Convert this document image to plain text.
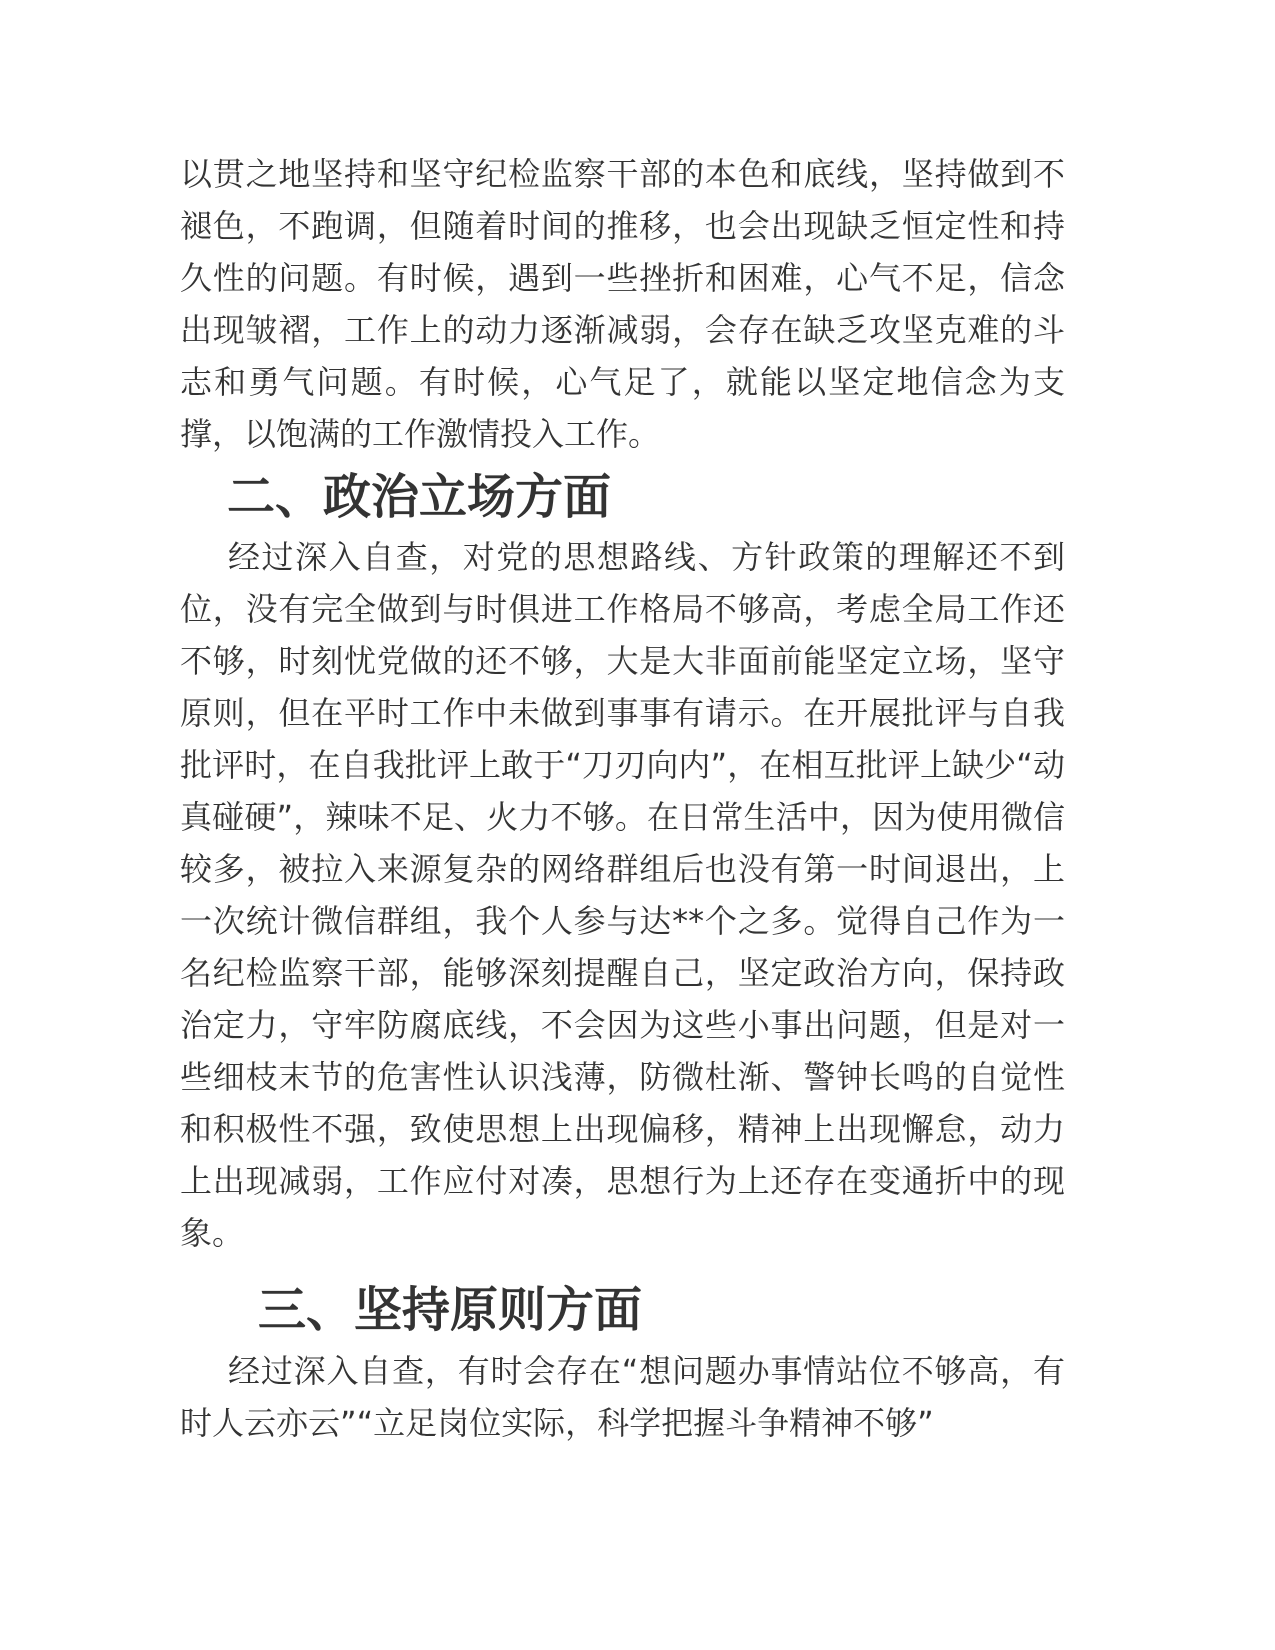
以贯之地坚持和坚守纪检监察干部的本色和底线，坚持做到不褪色，不跑调，但随着时间的推移，也会出现缺乏恒定性和持久性的问题。有时候，遇到一些挫折和困难，心气不足，信念出现皱褶，工作上的动力逐渐减弱，会存在缺乏攻坚克难的斗志和勇气问题。有时候，心气足了，就能以坚定地信念为支撑，以饱满的工作激情投入工作。

二、政治立场方面

经过深入自查，对党的思想路线、方针政策的理解还不到位，没有完全做到与时俱进工作格局不够高，考虑全局工作还不够，时刻忧党做的还不够，大是大非面前能坚定立场，坚守原则，但在平时工作中未做到事事有请示。在开展批评与自我批评时，在自我批评上敢于“刀刃向内”，在相互批评上缺少“动真碰硬”，辣味不足、火力不够。在日常生活中，因为使用微信较多，被拉入来源复杂的网络群组后也没有第一时间退出，上一次统计微信群组，我个人参与达**个之多。觉得自己作为一名纪检监察干部，能够深刻提醒自己，坚定政治方向，保持政治定力，守牢防腐底线，不会因为这些小事出问题，但是对一些细枝末节的危害性认识浅薄，防微杜渐、警钟长鸣的自觉性和积极性不强，致使思想上出现偏移，精神上出现懈怠，动力上出现减弱，工作应付对凑，思想行为上还存在变通折中的现象。

三、坚持原则方面

经过深入自查，有时会存在“想问题办事情站位不够高，有时人云亦云”“立足岗位实际，科学把握斗争精神不够”
